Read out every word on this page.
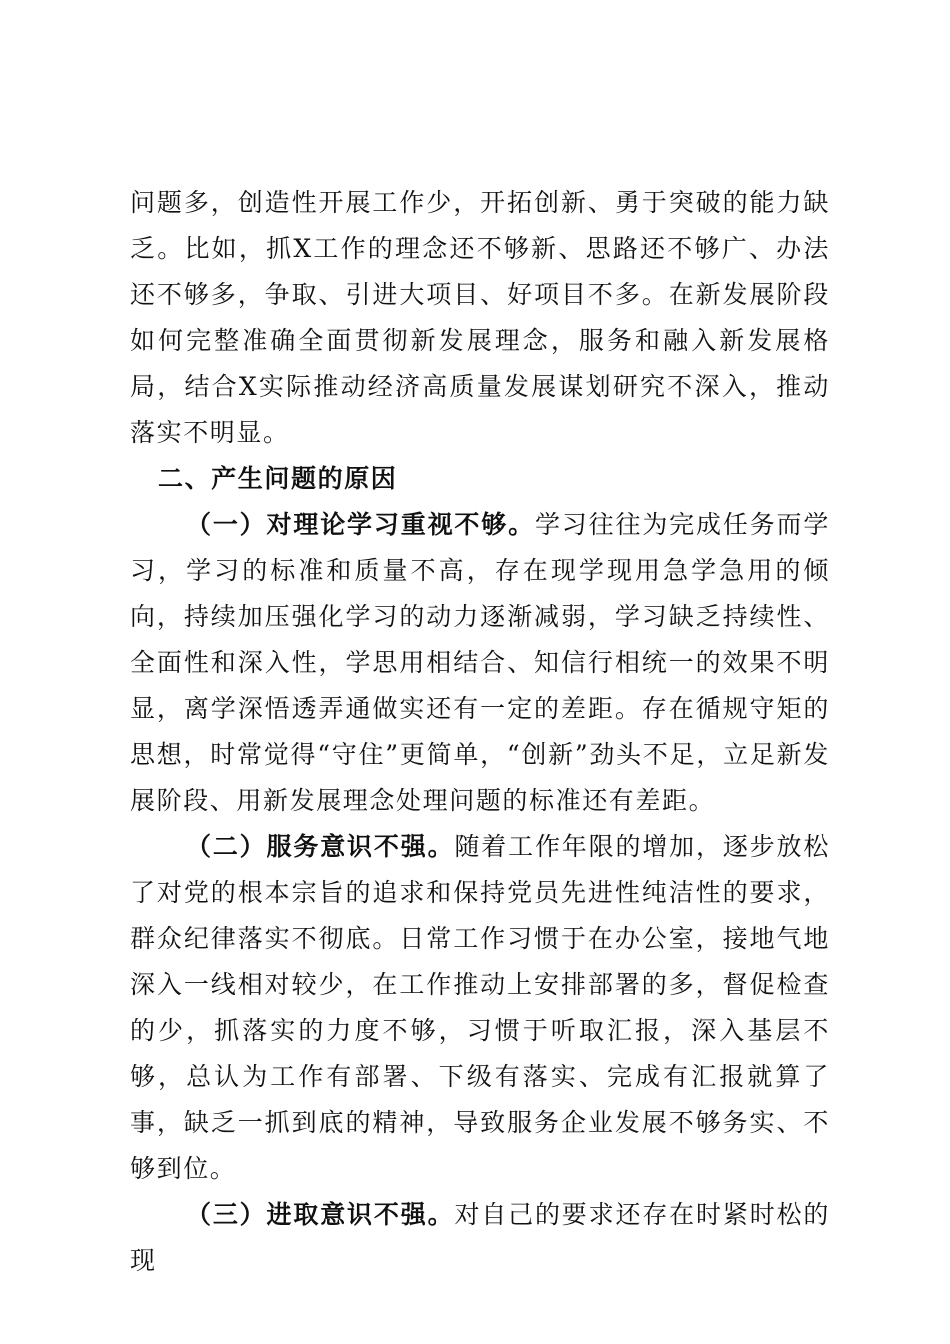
问题多，创造性开展工作少，开拓创新、勇于突破的能力缺乏。比如，抓X工作的理念还不够新、思路还不够广、办法还不够多，争取、引进大项目、好项目不多。在新发展阶段如何完整准确全面贯彻新发展理念，服务和融入新发展格局，结合X实际推动经济高质量发展谋划研究不深入，推动落实不明显。

二、产生问题的原因

（一）对理论学习重视不够。学习往往为完成任务而学习，学习的标准和质量不高，存在现学现用急学急用的倾向，持续加压强化学习的动力逐渐减弱，学习缺乏持续性、全面性和深入性，学思用相结合、知信行相统一的效果不明显，离学深悟透弄通做实还有一定的差距。存在循规守矩的思想，时常觉得“守住”更简单，“创新”劲头不足，立足新发展阶段、用新发展理念处理问题的标准还有差距。

（二）服务意识不强。随着工作年限的增加，逐步放松了对党的根本宗旨的追求和保持党员先进性纯洁性的要求，群众纪律落实不彻底。日常工作习惯于在办公室，接地气地深入一线相对较少，在工作推动上安排部署的多，督促检查的少，抓落实的力度不够，习惯于听取汇报，深入基层不够，总认为工作有部署、下级有落实、完成有汇报就算了事，缺乏一抓到底的精神，导致服务企业发展不够务实、不够到位。

（三）进取意识不强。对自己的要求还存在时紧时松的现
